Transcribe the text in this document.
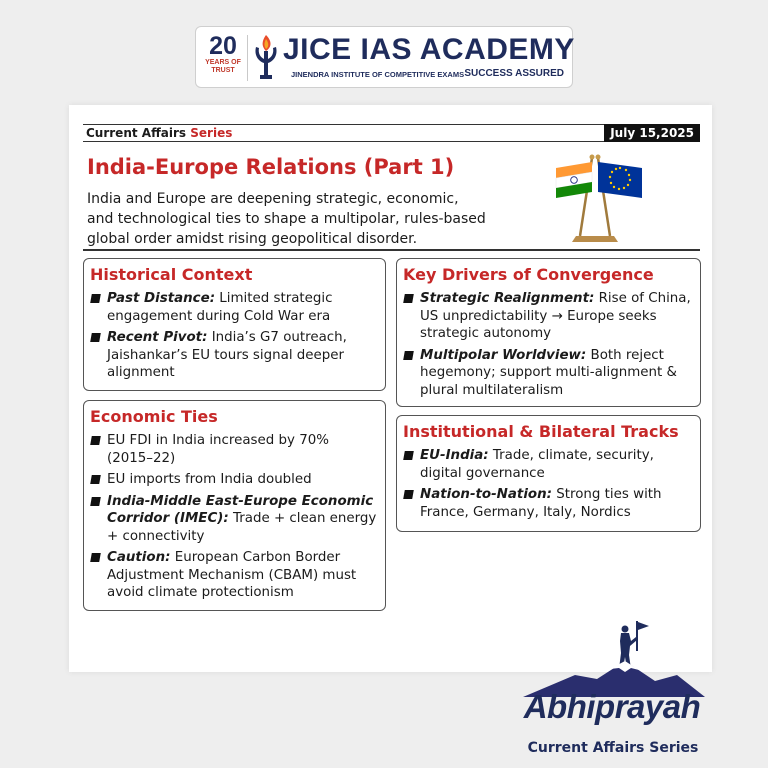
20
YEARS OF TRUST
JICE IAS ACADEMY
JINENDRA INSTITUTE OF COMPETITIVE EXAMS SUCCESS ASSURED
Current Affairs Series	July 15,2025
India-Europe Relations (Part 1)
India and Europe are deepening strategic, economic, and technological ties to shape a multipolar, rules-based global order amidst rising geopolitical disorder.
Historical Context
Past Distance: Limited strategic engagement during Cold War era
Recent Pivot: India’s G7 outreach, Jaishankar’s EU tours signal deeper alignment
Economic Ties
EU FDI in India increased by 70% (2015–22)
EU imports from India doubled
India-Middle East-Europe Economic Corridor (IMEC): Trade + clean energy + connectivity
Caution: European Carbon Border Adjustment Mechanism (CBAM) must avoid climate protectionism
Key Drivers of Convergence
Strategic Realignment: Rise of China, US unpredictability → Europe seeks strategic autonomy
Multipolar Worldview: Both reject hegemony; support multi-alignment & plural multilateralism
Institutional & Bilateral Tracks
EU-India: Trade, climate, security, digital governance
Nation-to-Nation: Strong ties with France, Germany, Italy, Nordics
Abhiprayah
Current Affairs Series
